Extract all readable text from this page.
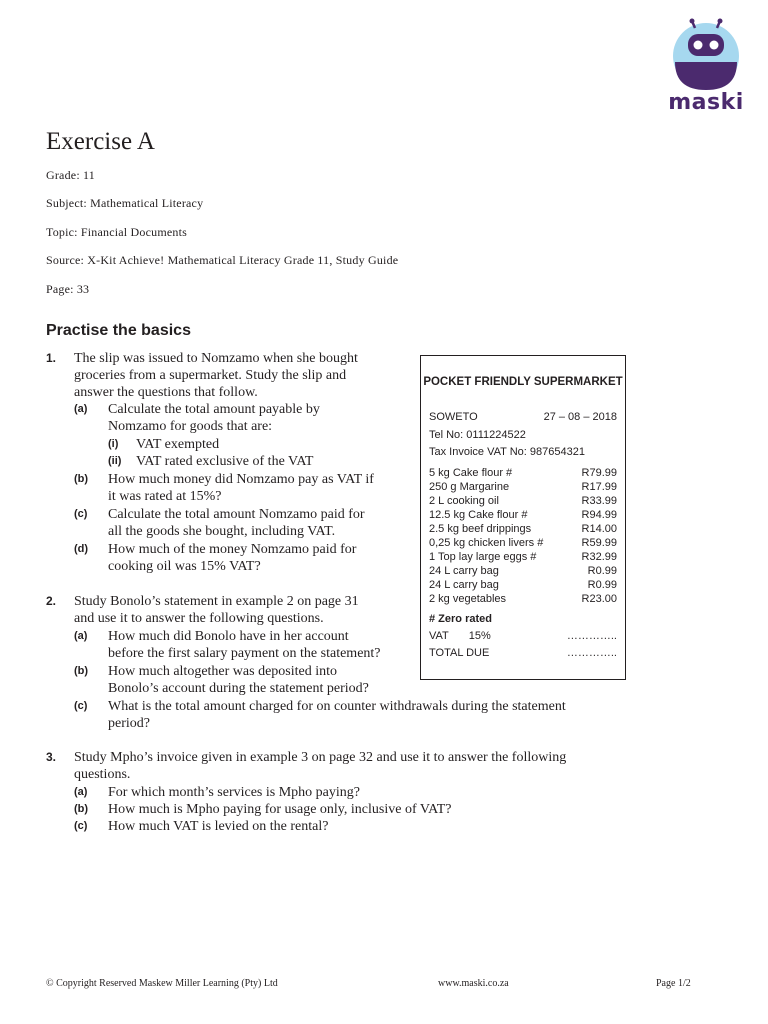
maski
Exercise A
Grade: 11
Subject: Mathematical Literacy
Topic: Financial Documents
Source: X-Kit Achieve! Mathematical Literacy Grade 11, Study Guide
Page: 33
Practise the basics
1. The slip was issued to Nomzamo when she bought
groceries from a supermarket. Study the slip and
answer the questions that follow.
(a) Calculate the total amount payable by
Nomzamo for goods that are:
(i) VAT exempted
(ii) VAT rated exclusive of the VAT
(b) How much money did Nomzamo pay as VAT if
it was rated at 15%?
(c) Calculate the total amount Nomzamo paid for
all the goods she bought, including VAT.
(d) How much of the money Nomzamo paid for
cooking oil was 15% VAT?
2. Study Bonolo’s statement in example 2 on page 31
and use it to answer the following questions.
(a) How much did Bonolo have in her account
before the first salary payment on the statement?
(b) How much altogether was deposited into
Bonolo’s account during the statement period?
(c) What is the total amount charged for on counter withdrawals during the statement
period?
3. Study Mpho’s invoice given in example 3 on page 32 and use it to answer the following
questions.
(a) For which month’s services is Mpho paying?
(b) How much is Mpho paying for usage only, inclusive of VAT?
(c) How much VAT is levied on the rental?
POCKET FRIENDLY SUPERMARKET
SOWETO	27 – 08 – 2018
Tel No: 0111224522
Tax Invoice VAT No: 987654321
5 kg Cake flour #	R79.99
250 g Margarine	R17.99
2 L cooking oil	R33.99
12.5 kg Cake flour #	R94.99
2.5 kg beef drippings	R14.00
0,25 kg chicken livers #	R59.99
1 Top lay large eggs #	R32.99
24 L carry bag	R0.99
24 L carry bag	R0.99
2 kg vegetables	R23.00
# Zero rated
VAT 15%	…………..
TOTAL DUE	…………..
© Copyright Reserved Maskew Miller Learning (Pty) Ltd	www.maski.co.za	Page 1/2
